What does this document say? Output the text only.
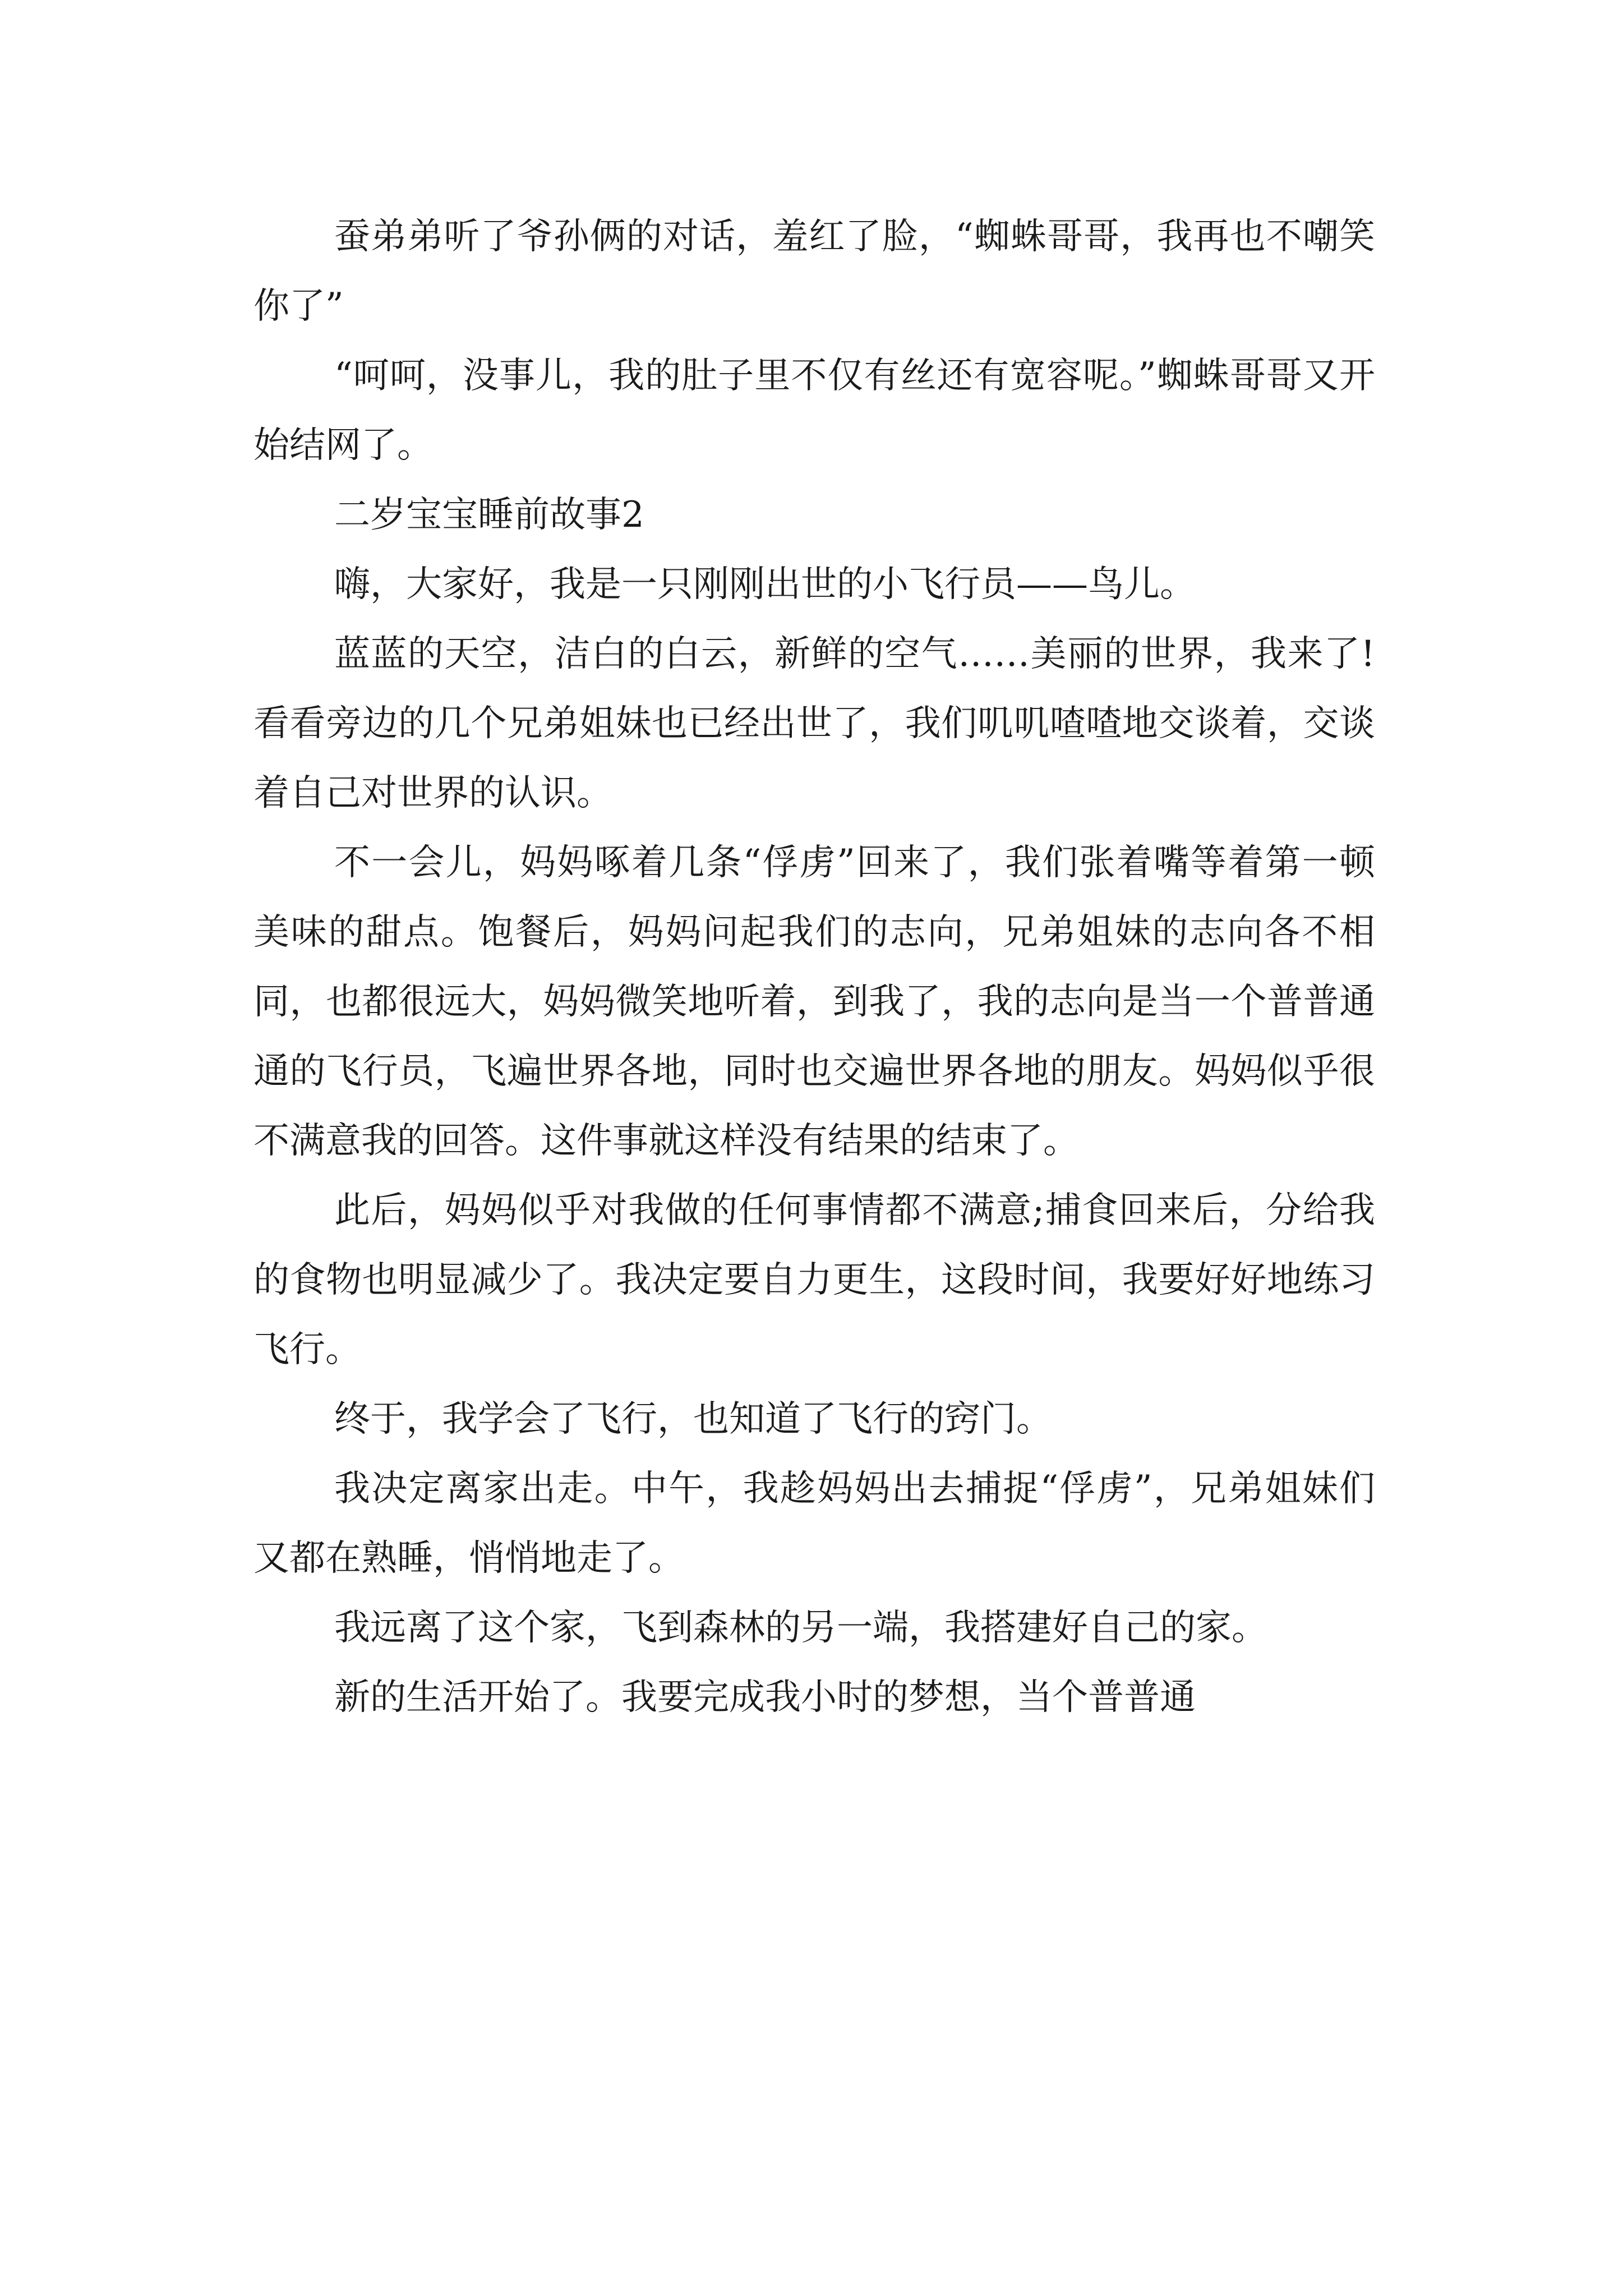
蚕弟弟听了爷孙俩的对话，羞红了脸，“蜘蛛哥哥，我再也不嘲笑你了”

“呵呵，没事儿，我的肚子里不仅有丝还有宽容呢。”蜘蛛哥哥又开始结网了。

二岁宝宝睡前故事2

嗨，大家好，我是一只刚刚出世的小飞行员——鸟儿。

蓝蓝的天空，洁白的白云，新鲜的空气……美丽的世界，我来了!看看旁边的几个兄弟姐妹也已经出世了，我们叽叽喳喳地交谈着，交谈着自己对世界的认识。

不一会儿，妈妈啄着几条“俘虏”回来了，我们张着嘴等着第一顿美味的甜点。饱餐后，妈妈问起我们的志向，兄弟姐妹的志向各不相同，也都很远大，妈妈微笑地听着，到我了，我的志向是当一个普普通通的飞行员，飞遍世界各地，同时也交遍世界各地的朋友。妈妈似乎很不满意我的回答。这件事就这样没有结果的结束了。

此后，妈妈似乎对我做的任何事情都不满意;捕食回来后，分给我的食物也明显减少了。我决定要自力更生，这段时间，我要好好地练习飞行。

终于，我学会了飞行，也知道了飞行的窍门。

我决定离家出走。中午，我趁妈妈出去捕捉“俘虏”，兄弟姐妹们又都在熟睡，悄悄地走了。

我远离了这个家，飞到森林的另一端，我搭建好自己的家。

新的生活开始了。我要完成我小时的梦想，当个普普通
